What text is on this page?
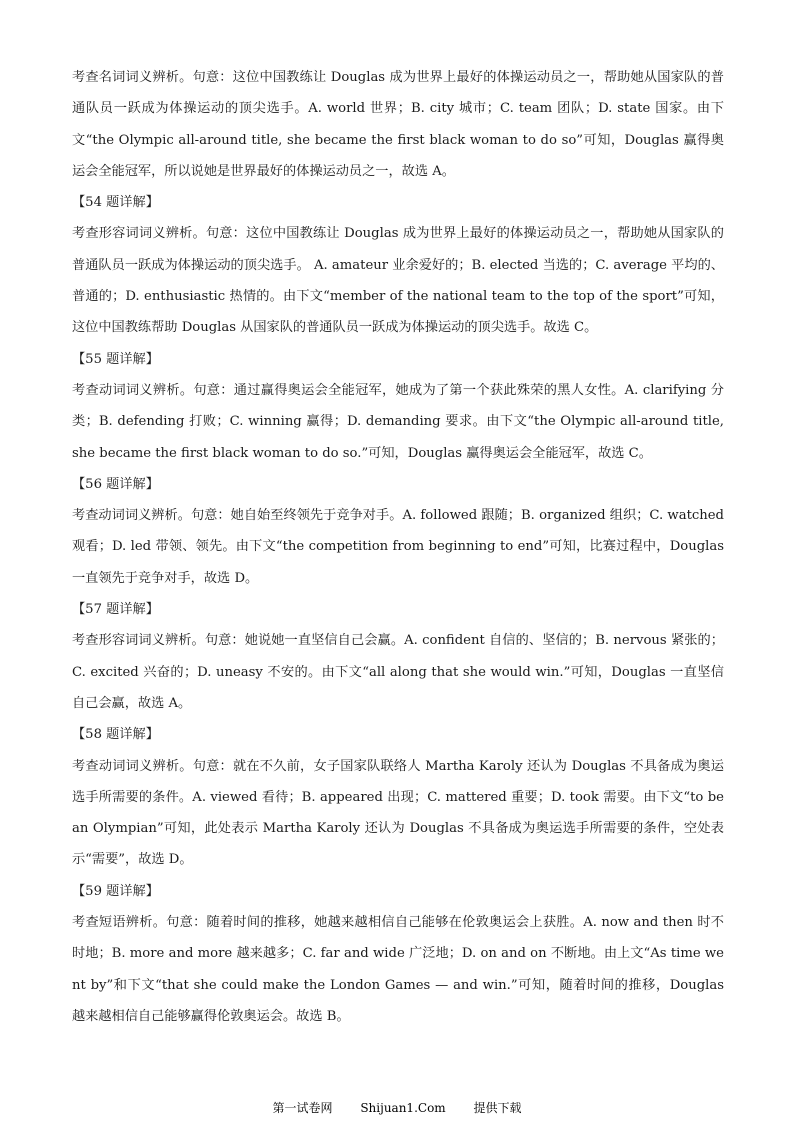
考查名词词义辨析。句意：这位中国教练让 Douglas 成为世界上最好的体操运动员之一，帮助她从国家队的普通队员一跃成为体操运动的顶尖选手。A. world 世界；B. city 城市；C. team 团队；D. state 国家。由下文“the Olympic all-around title, she became the first black woman to do so”可知，Douglas 赢得奥运会全能冠军，所以说她是世界最好的体操运动员之一，故选 A。

【54 题详解】

考查形容词词义辨析。句意：这位中国教练让 Douglas 成为世界上最好的体操运动员之一，帮助她从国家队的普通队员一跃成为体操运动的顶尖选手。 A. amateur 业余爱好的；B. elected 当选的；C. average 平均的、普通的；D. enthusiastic 热情的。由下文“member of the national team to the top of the sport”可知，这位中国教练帮助 Douglas 从国家队的普通队员一跃成为体操运动的顶尖选手。故选 C。

【55 题详解】

考查动词词义辨析。句意：通过赢得奥运会全能冠军，她成为了第一个获此殊荣的黑人女性。A. clarifying 分类；B. defending 打败；C. winning 赢得；D. demanding 要求。由下文“the Olympic all-around title, she became the first black woman to do so.”可知，Douglas 赢得奥运会全能冠军，故选 C。

【56 题详解】

考查动词词义辨析。句意：她自始至终领先于竞争对手。A. followed 跟随；B. organized 组织；C. watched 观看；D. led 带领、领先。由下文“the competition from beginning to end”可知，比赛过程中，Douglas 一直领先于竞争对手，故选 D。

【57 题详解】

考查形容词词义辨析。句意：她说她一直坚信自己会赢。A. confident 自信的、坚信的；B. nervous 紧张的；C. excited 兴奋的；D. uneasy 不安的。由下文“all along that she would win.”可知，Douglas 一直坚信自己会赢，故选 A。

【58 题详解】

考查动词词义辨析。句意：就在不久前，女子国家队联络人 Martha Karoly 还认为 Douglas 不具备成为奥运选手所需要的条件。A. viewed 看待；B. appeared 出现；C. mattered 重要；D. took 需要。由下文“to be an Olympian”可知，此处表示 Martha Karoly 还认为 Douglas 不具备成为奥运选手所需要的条件，空处表示“需要”，故选 D。

【59 题详解】

考查短语辨析。句意：随着时间的推移，她越来越相信自己能够在伦敦奥运会上获胜。A. now and then 时不时地；B. more and more 越来越多；C. far and wide 广泛地；D. on and on 不断地。由上文“As time went by”和下文“that she could make the London Games — and win.”可知，随着时间的推移，Douglas 越来越相信自己能够赢得伦敦奥运会。故选 B。

第一试卷网 Shijuan1.Com 提供下载
